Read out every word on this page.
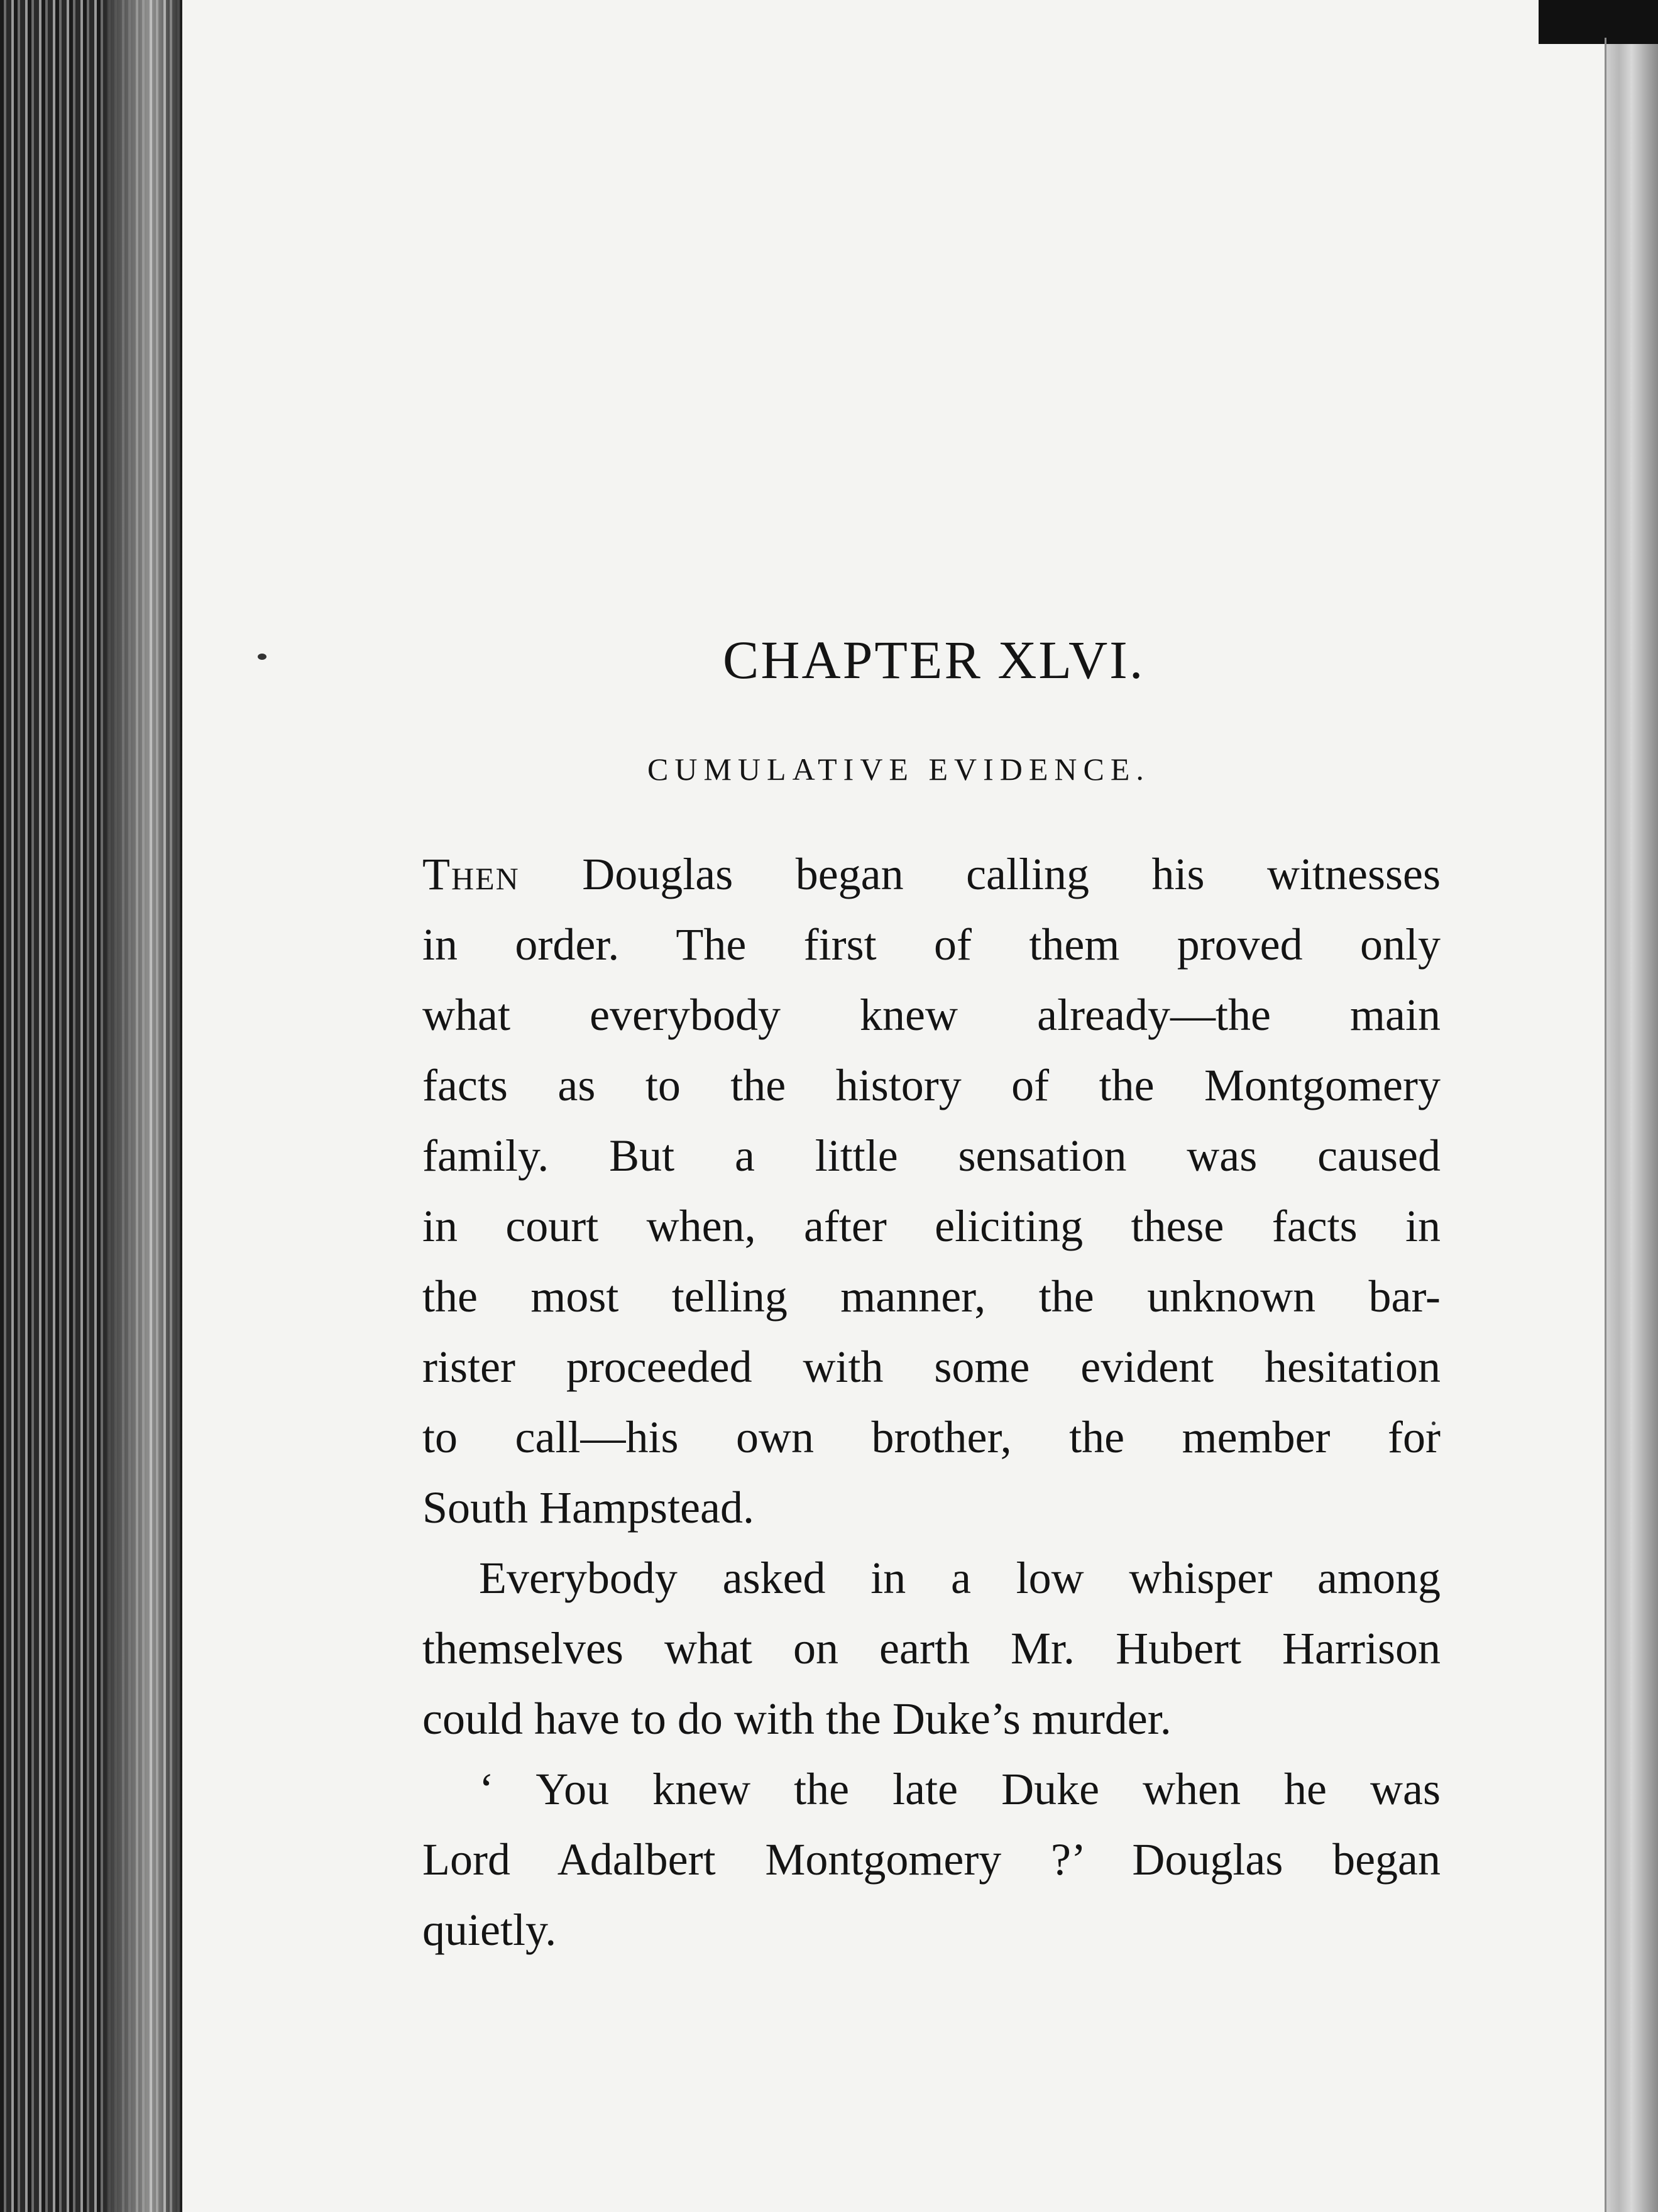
CHAPTER XLVI.
CUMULATIVE EVIDENCE.
Then Douglas began calling his witnesses
in order. The first of them proved only
what everybody knew already—the main
facts as to the history of the Montgomery
family. But a little sensation was caused
in court when, after eliciting these facts in
the most telling manner, the unknown bar-
rister proceeded with some evident hesitation
to call—his own brother, the member for
South Hampstead.
Everybody asked in a low whisper among
themselves what on earth Mr. Hubert Harrison
could have to do with the Duke’s murder.
‘ You knew the late Duke when he was
Lord Adalbert Montgomery ?’ Douglas began
quietly.
